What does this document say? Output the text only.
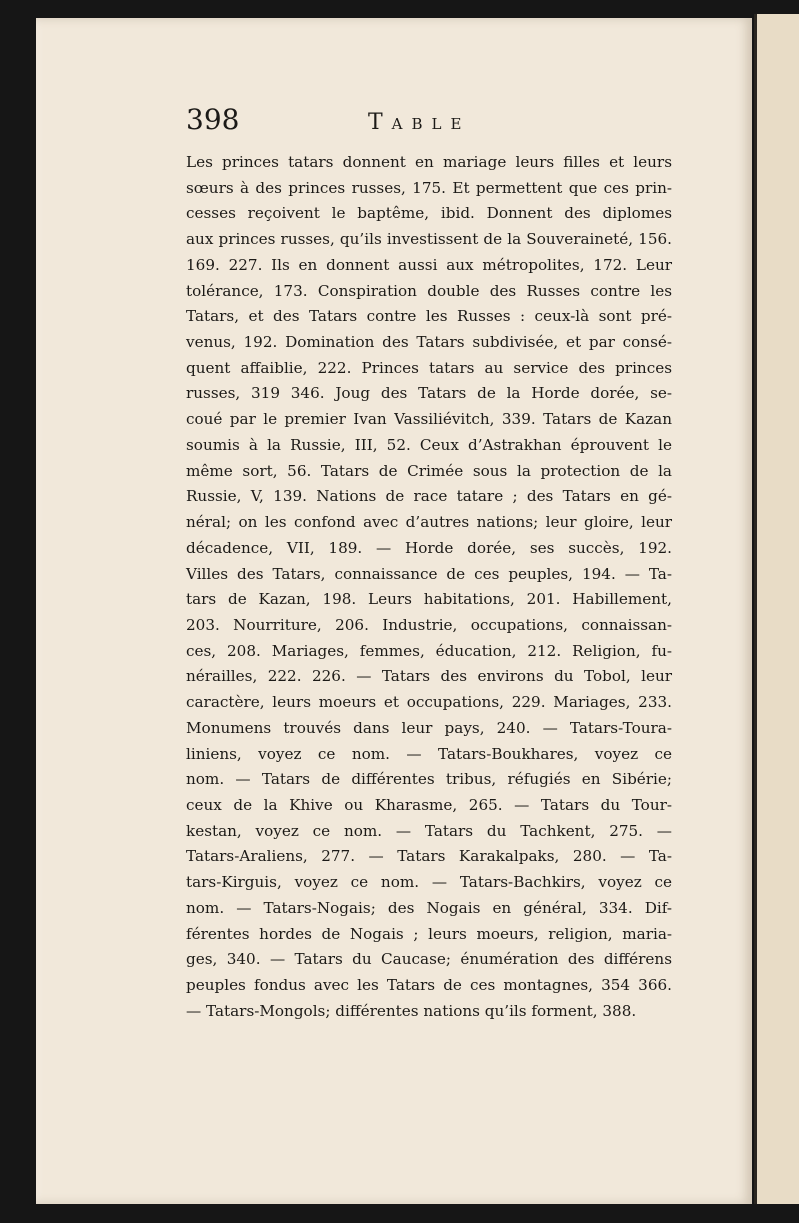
398	Table
Les princes tatars donnent en mariage leurs filles et leurs
sœurs à des princes russes, 175. Et permettent que ces prin-
cesses reçoivent le baptême, ibid. Donnent des diplomes
aux princes russes, qu’ils investissent de la Souveraineté, 156.
169. 227. Ils en donnent aussi aux métropolites, 172. Leur
tolérance, 173. Conspiration double des Russes contre les
Tatars, et des Tatars contre les Russes : ceux-là sont pré-
venus, 192. Domination des Tatars subdivisée, et par consé-
quent affaiblie, 222. Princes tatars au service des princes
russes, 319 346. Joug des Tatars de la Horde dorée, se-
coué par le premier Ivan Vassiliévitch, 339. Tatars de Kazan
soumis à la Russie, III, 52. Ceux d’Astrakhan éprouvent le
même sort, 56. Tatars de Crimée sous la protection de la
Russie, V, 139. Nations de race tatare ; des Tatars en gé-
néral; on les confond avec d’autres nations; leur gloire, leur
décadence, VII, 189. — Horde dorée, ses succès, 192.
Villes des Tatars, connaissance de ces peuples, 194. — Ta-
tars de Kazan, 198. Leurs habitations, 201. Habillement,
203. Nourriture, 206. Industrie, occupations, connaissan-
ces, 208. Mariages, femmes, éducation, 212. Religion, fu-
nérailles, 222. 226. — Tatars des environs du Tobol, leur
caractère, leurs moeurs et occupations, 229. Mariages, 233.
Monumens trouvés dans leur pays, 240. — Tatars-Toura-
liniens, voyez ce nom. — Tatars-Boukhares, voyez ce
nom. — Tatars de différentes tribus, réfugiés en Sibérie;
ceux de la Khive ou Kharasme, 265. — Tatars du Tour-
kestan, voyez ce nom. — Tatars du Tachkent, 275. —
Tatars-Araliens, 277. — Tatars Karakalpaks, 280. — Ta-
tars-Kirguis, voyez ce nom. — Tatars-Bachkirs, voyez ce
nom. — Tatars-Nogais; des Nogais en général, 334. Dif-
férentes hordes de Nogais ; leurs moeurs, religion, maria-
ges, 340. — Tatars du Caucase; énumération des différens
peuples fondus avec les Tatars de ces montagnes, 354 366.
— Tatars-Mongols; différentes nations qu’ils forment, 388.
